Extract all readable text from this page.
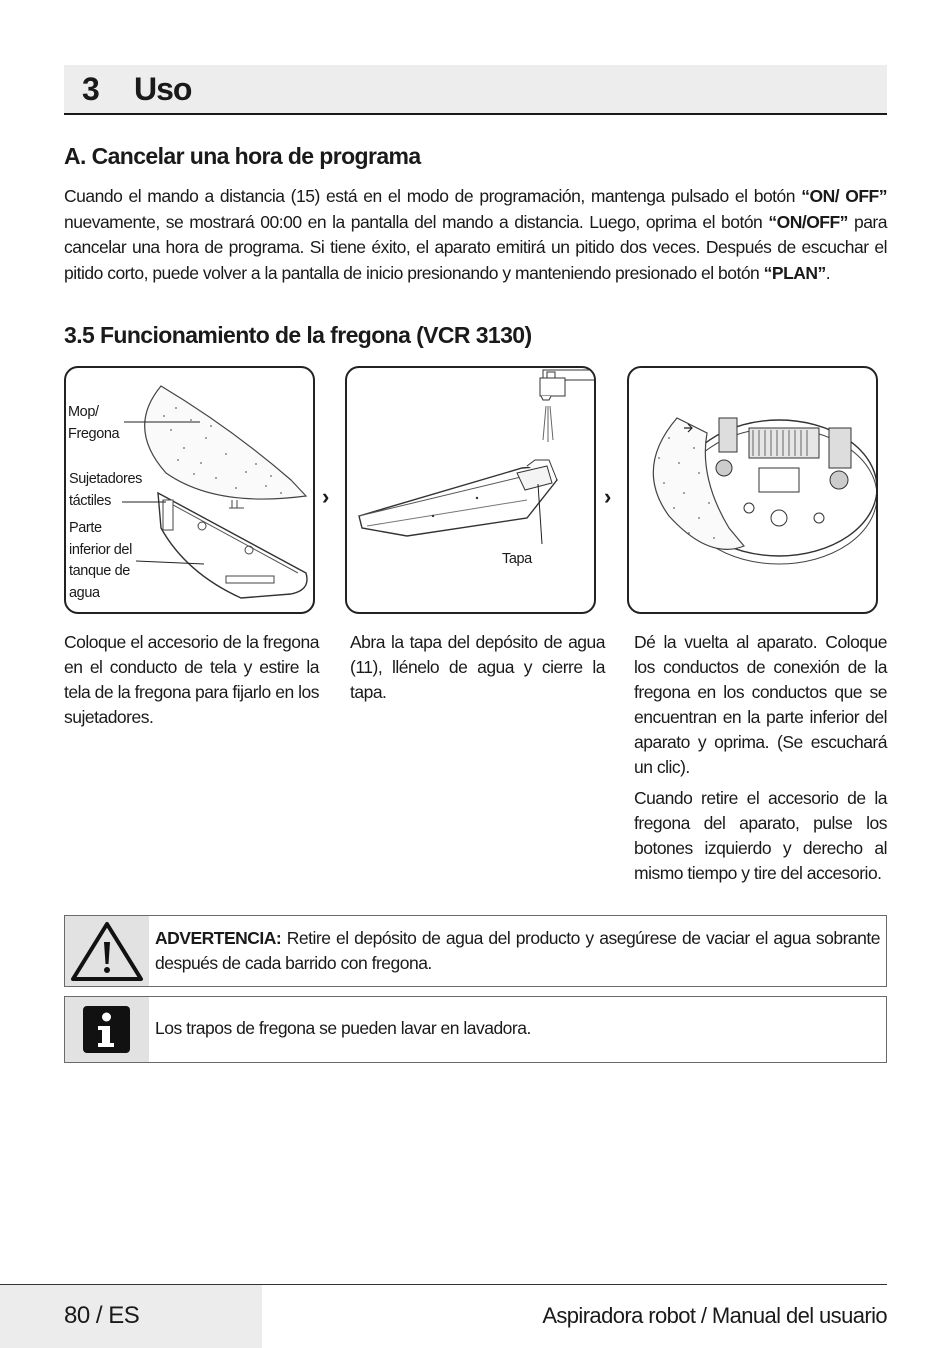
3 Uso
A. Cancelar una hora de programa
Cuando el mando a distancia (15) está en el modo de programación, mantenga pulsado el botón “ON/ OFF” nuevamente, se mostrará 00:00 en la pantalla del mando a distancia. Luego, oprima el botón “ON/OFF” para cancelar una hora de programa. Si tiene éxito, el aparato emitirá un pitido dos veces. Después de escuchar el pitido corto, puede volver a la pantalla de inicio presionando y manteniendo presionado el botón “PLAN”.
3.5 Funcionamiento de la fregona (VCR 3130)
Mop/
Fregona
Sujetadores
táctiles
Parte
inferior del
tanque de
agua
›
Tapa
›
Coloque el accesorio de la fregona en el conducto de tela y estire la tela de la fregona para fijarlo en los sujetadores.
Abra la tapa del depósito de agua (11), llénelo de agua y cierre la tapa.
Dé la vuelta al aparato. Coloque los conductos de conexión de la fregona en los conductos que se encuentran en la parte inferior del aparato y oprima. (Se escuchará un clic).
Cuando retire el accesorio de la fregona del aparato, pulse los botones izquierdo y derecho al mismo tiempo y tire del accesorio.
ADVERTENCIA: Retire el depósito de agua del producto y asegúrese de vaciar el agua sobrante después de cada barrido con fregona.
Los trapos de fregona se pueden lavar en lavadora.
80 / ES	Aspiradora robot / Manual del usuario
